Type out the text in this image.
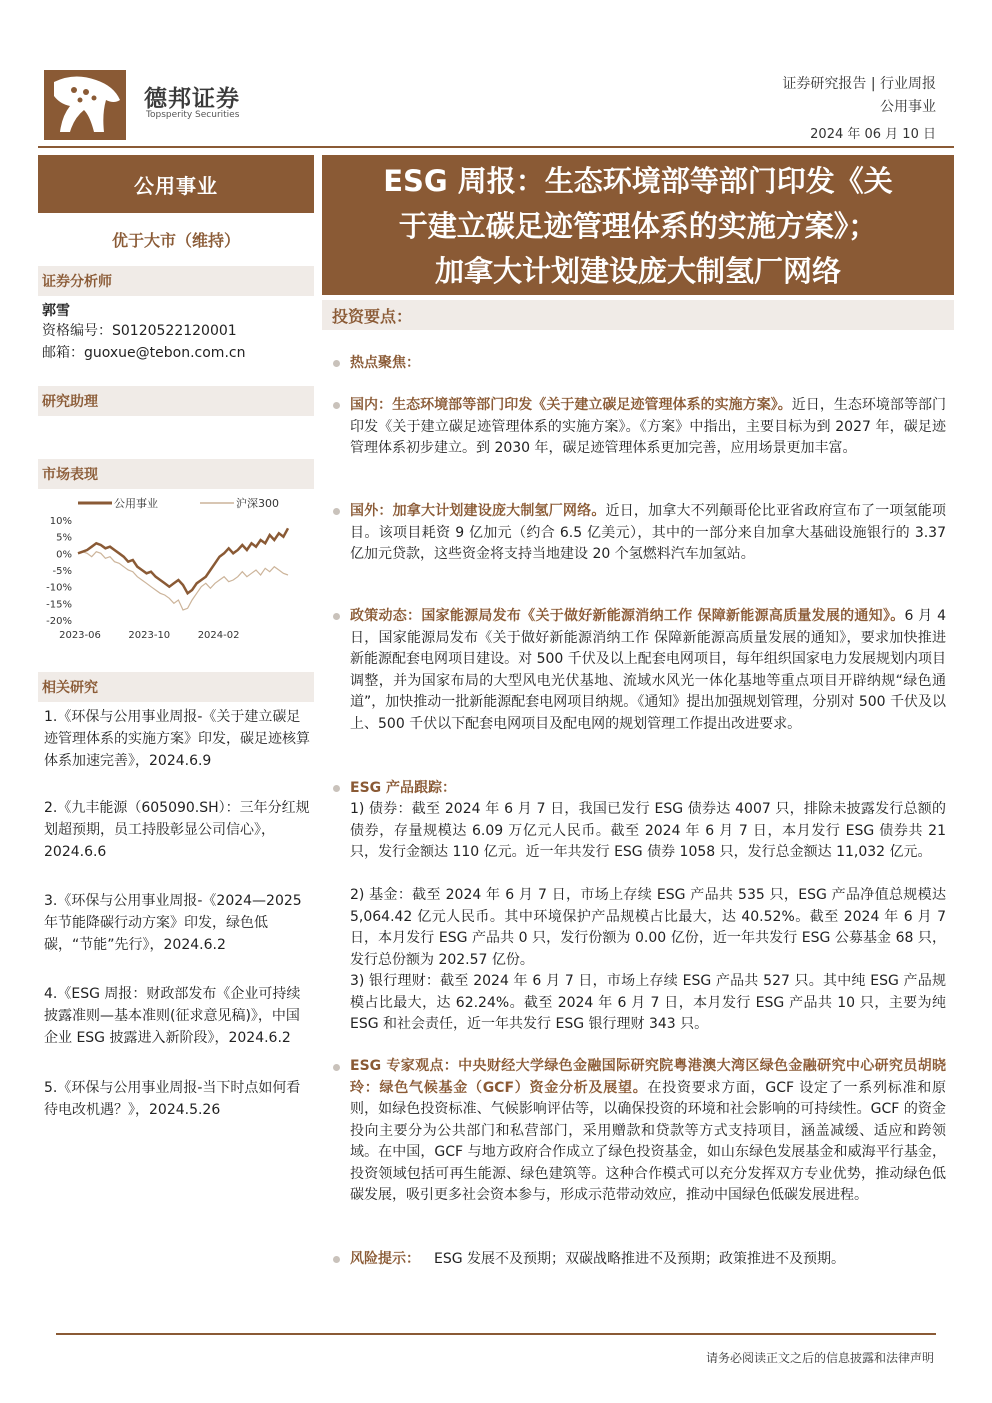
德邦证券
Topsperity Securities
证券研究报告 | 行业周报
公用事业
2024 年 06 月 10 日
公用事业
优于大市（维持）
证券分析师
郭雪
资格编号：S0120522120001
邮箱：guoxue@tebon.com.cn
研究助理
市场表现
公用事业	沪深300
10%
5%
0%
-5%
-10%
-15%
-20%
2023-06	2023-10	2024-02
相关研究
1.《环保与公用事业周报-《关于建立碳足迹管理体系的实施方案》印发，碳足迹核算体系加速完善》，2024.6.9
2.《九丰能源（605090.SH）：三年分红规划超预期，员工持股彰显公司信心》，2024.6.6
3.《环保与公用事业周报-《2024—2025 年节能降碳行动方案》印发，绿色低碳，“节能”先行》，2024.6.2
4.《ESG 周报：财政部发布《企业可持续披露准则—基本准则(征求意见稿)》，中国企业 ESG 披露进入新阶段》，2024.6.2
5.《环保与公用事业周报-当下时点如何看待电改机遇？》，2024.5.26
ESG 周报：生态环境部等部门印发《关
于建立碳足迹管理体系的实施方案》；
加拿大计划建设庞大制氢厂网络
投资要点：
热点聚焦：
国内：生态环境部等部门印发《关于建立碳足迹管理体系的实施方案》。近日，生态环境部等部门印发《关于建立碳足迹管理体系的实施方案》。《方案》中指出，主要目标为到 2027 年，碳足迹管理体系初步建立。到 2030 年，碳足迹管理体系更加完善，应用场景更加丰富。
国外：加拿大计划建设庞大制氢厂网络。近日，加拿大不列颠哥伦比亚省政府宣布了一项氢能项目。该项目耗资 9 亿加元（约合 6.5 亿美元），其中的一部分来自加拿大基础设施银行的 3.37 亿加元贷款，这些资金将支持当地建设 20 个氢燃料汽车加氢站。
政策动态：国家能源局发布《关于做好新能源消纳工作 保障新能源高质量发展的通知》。6 月 4 日，国家能源局发布《关于做好新能源消纳工作 保障新能源高质量发展的通知》，要求加快推进新能源配套电网项目建设。对 500 千伏及以上配套电网项目，每年组织国家电力发展规划内项目调整，并为国家布局的大型风电光伏基地、流域水风光一体化基地等重点项目开辟纳规“绿色通道”，加快推动一批新能源配套电网项目纳规。《通知》提出加强规划管理，分别对 500 千伏及以上、500 千伏以下配套电网项目及配电网的规划管理工作提出改进要求。
ESG 产品跟踪：
1) 债券：截至 2024 年 6 月 7 日，我国已发行 ESG 债券达 4007 只，排除未披露发行总额的债券，存量规模达 6.09 万亿元人民币。截至 2024 年 6 月 7 日，本月发行 ESG 债券共 21 只，发行金额达 110 亿元。近一年共发行 ESG 债券 1058 只，发行总金额达 11,032 亿元。
2) 基金：截至 2024 年 6 月 7 日，市场上存续 ESG 产品共 535 只，ESG 产品净值总规模达 5,064.42 亿元人民币。其中环境保护产品规模占比最大，达 40.52%。截至 2024 年 6 月 7 日，本月发行 ESG 产品共 0 只，发行份额为 0.00 亿份，近一年共发行 ESG 公募基金 68 只，发行总份额为 202.57 亿份。
3) 银行理财：截至 2024 年 6 月 7 日，市场上存续 ESG 产品共 527 只。其中纯 ESG 产品规模占比最大，达 62.24%。截至 2024 年 6 月 7 日，本月发行 ESG 产品共 10 只，主要为纯 ESG 和社会责任，近一年共发行 ESG 银行理财 343 只。
ESG 专家观点：中央财经大学绿色金融国际研究院粤港澳大湾区绿色金融研究中心研究员胡晓玲：绿色气候基金（GCF）资金分析及展望。在投资要求方面，GCF 设定了一系列标准和原则，如绿色投资标准、气候影响评估等，以确保投资的环境和社会影响的可持续性。GCF 的资金投向主要分为公共部门和私营部门，采用赠款和贷款等方式支持项目，涵盖减缓、适应和跨领域。在中国，GCF 与地方政府合作成立了绿色投资基金，如山东绿色发展基金和威海平行基金，投资领域包括可再生能源、绿色建筑等。这种合作模式可以充分发挥双方专业优势，推动绿色低碳发展，吸引更多社会资本参与，形成示范带动效应，推动中国绿色低碳发展进程。
风险提示： ESG 发展不及预期；双碳战略推进不及预期；政策推进不及预期。
请务必阅读正文之后的信息披露和法律声明
